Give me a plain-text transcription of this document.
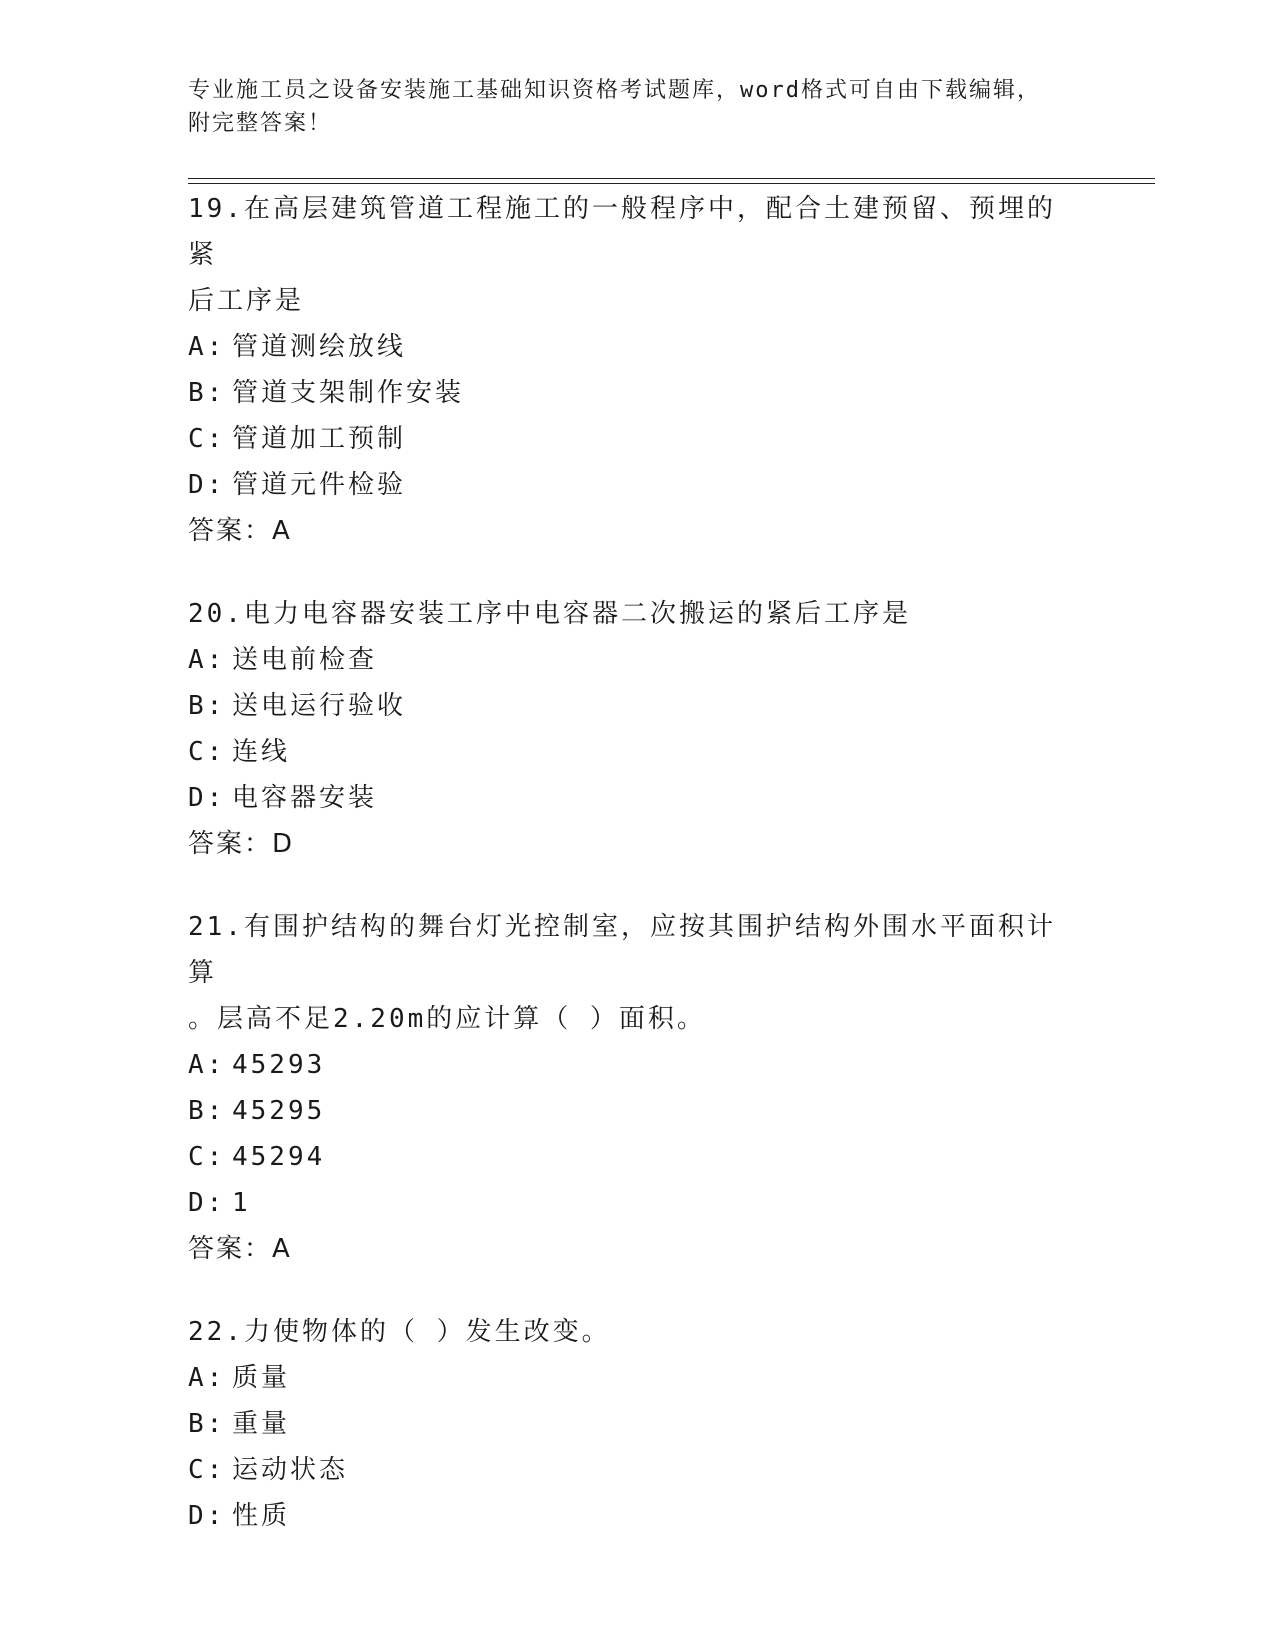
专业施工员之设备安装施工基础知识资格考试题库，word格式可自由下载编辑，
附完整答案！
19.在高层建筑管道工程施工的一般程序中，配合土建预留、预埋的紧
后工序是
A: 管道测绘放线
B: 管道支架制作安装
C: 管道加工预制
D: 管道元件检验
答案：A
20.电力电容器安装工序中电容器二次搬运的紧后工序是
A: 送电前检查
B: 送电运行验收
C: 连线
D: 电容器安装
答案：D
21.有围护结构的舞台灯光控制室，应按其围护结构外围水平面积计算
。层高不足2.20m的应计算（ ）面积。
A: 45293
B: 45295
C: 45294
D: 1
答案：A
22.力使物体的（ ）发生改变。
A: 质量
B: 重量
C: 运动状态
D: 性质
